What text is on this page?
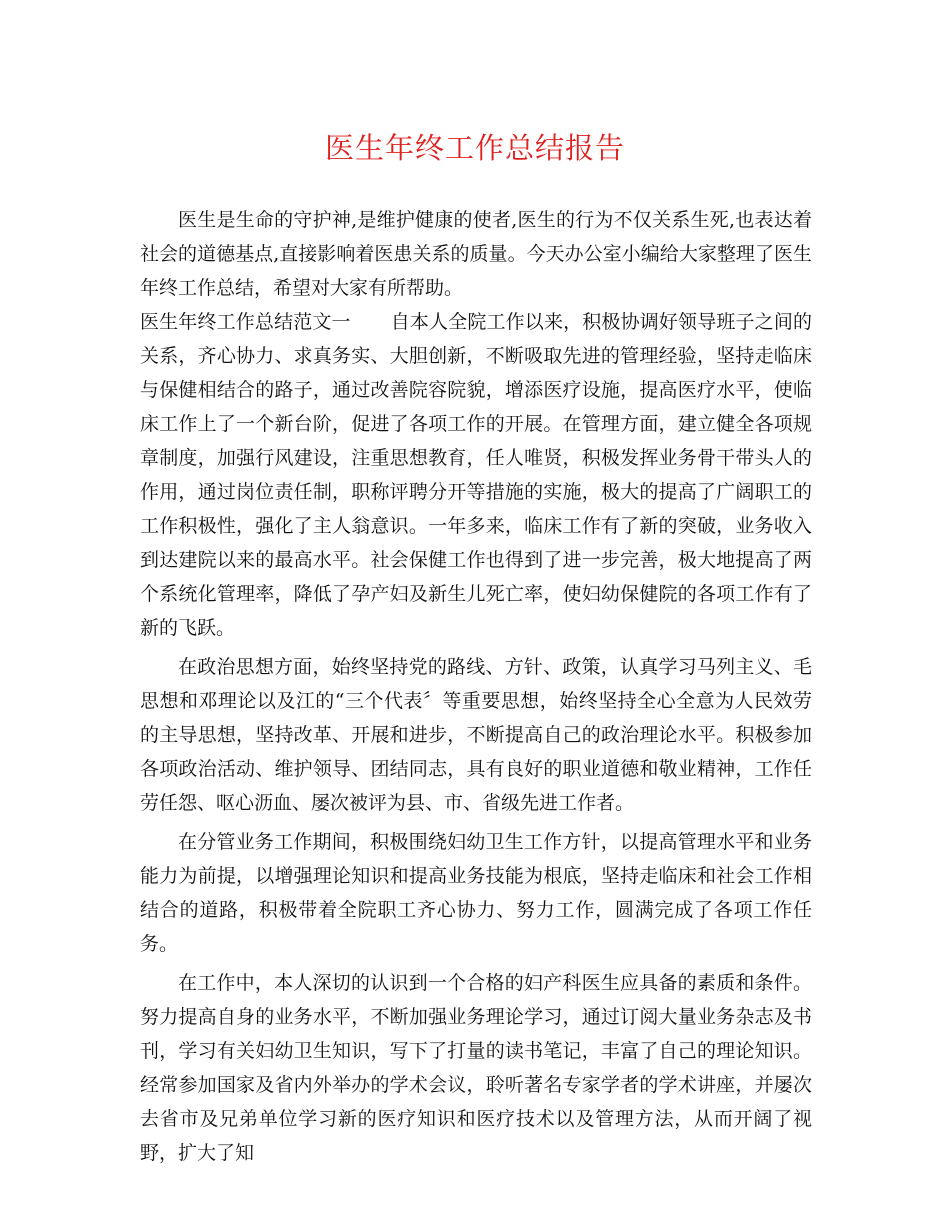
医生年终工作总结报告

医生是生命的守护神,是维护健康的使者,医生的行为不仅关系生死,也表达着社会的道德基点,直接影响着医患关系的质量。今天办公室小编给大家整理了医生年终工作总结，希望对大家有所帮助。

医生年终工作总结范文一 自本人全院工作以来，积极协调好领导班子之间的关系，齐心协力、求真务实、大胆创新，不断吸取先进的管理经验，坚持走临床与保健相结合的路子，通过改善院容院貌，增添医疗设施，提高医疗水平，使临床工作上了一个新台阶，促进了各项工作的开展。在管理方面，建立健全各项规章制度，加强行风建设，注重思想教育，任人唯贤，积极发挥业务骨干带头人的作用，通过岗位责任制，职称评聘分开等措施的实施，极大的提高了广阔职工的工作积极性，强化了主人翁意识。一年多来，临床工作有了新的突破，业务收入到达建院以来的最高水平。社会保健工作也得到了进一步完善，极大地提高了两个系统化管理率，降低了孕产妇及新生儿死亡率，使妇幼保健院的各项工作有了新的飞跃。

在政治思想方面，始终坚持党的路线、方针、政策，认真学习马列主义、毛思想和邓理论以及江的“三个代表〞等重要思想，始终坚持全心全意为人民效劳的主导思想，坚持改革、开展和进步，不断提高自己的政治理论水平。积极参加各项政治活动、维护领导、团结同志，具有良好的职业道德和敬业精神，工作任劳任怨、呕心沥血、屡次被评为县、市、省级先进工作者。

在分管业务工作期间，积极围绕妇幼卫生工作方针，以提高管理水平和业务能力为前提，以增强理论知识和提高业务技能为根底，坚持走临床和社会工作相结合的道路，积极带着全院职工齐心协力、努力工作，圆满完成了各项工作任务。

在工作中，本人深切的认识到一个合格的妇产科医生应具备的素质和条件。努力提高自身的业务水平，不断加强业务理论学习，通过订阅大量业务杂志及书刊，学习有关妇幼卫生知识，写下了打量的读书笔记，丰富了自己的理论知识。经常参加国家及省内外举办的学术会议，聆听著名专家学者的学术讲座，并屡次去省市及兄弟单位学习新的医疗知识和医疗技术以及管理方法，从而开阔了视野，扩大了知
